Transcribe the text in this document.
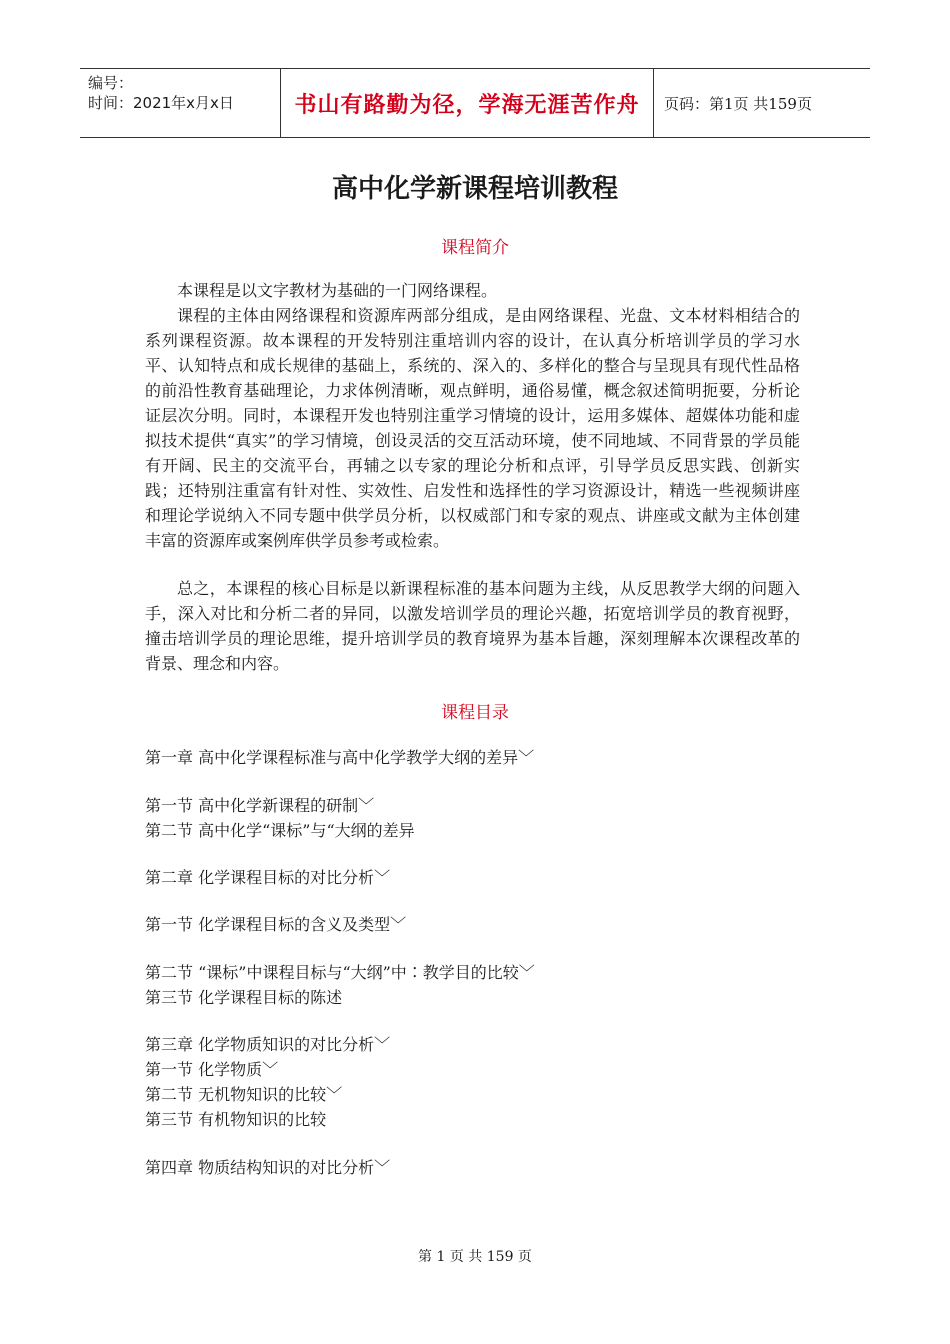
编号：
时间：2021年x月x日	书山有路勤为径，学海无涯苦作舟 页码：第1页 共159页
高中化学新课程培训教程
课程简介

本课程是以文字教材为基础的一门网络课程。

课程的主体由网络课程和资源库两部分组成，是由网络课程、光盘、文本材料相结合的系列课程资源。故本课程的开发特别注重培训内容的设计，在认真分析培训学员的学习水平、认知特点和成长规律的基础上，系统的、深入的、多样化的整合与呈现具有现代性品格的前沿性教育基础理论，力求体例清晰，观点鲜明，通俗易懂，概念叙述简明扼要，分析论证层次分明。同时，本课程开发也特别注重学习情境的设计，运用多媒体、超媒体功能和虚拟技术提供“真实”的学习情境，创设灵活的交互活动环境，使不同地域、不同背景的学员能有开阔、民主的交流平台，再辅之以专家的理论分析和点评，引导学员反思实践、创新实践；还特别注重富有针对性、实效性、启发性和选择性的学习资源设计，精选一些视频讲座和理论学说纳入不同专题中供学员分析，以权威部门和专家的观点、讲座或文献为主体创建丰富的资源库或案例库供学员参考或检索。

总之，本课程的核心目标是以新课程标准的基本问题为主线，从反思教学大纲的问题入手，深入对比和分析二者的异同，以激发培训学员的理论兴趣，拓宽培训学员的教育视野，撞击培训学员的理论思维，提升培训学员的教育境界为基本旨趣，深刻理解本次课程改革的背景、理念和内容。

课程目录
第一章 高中化学课程标准与高中化学教学大纲的差异﹀
第一节 高中化学新课程的研制﹀
第二节 高中化学“课标”与“大纲的差异
第二章 化学课程目标的对比分析﹀
第一节 化学课程目标的含义及类型﹀
第二节 “课标”中课程目标与“大纲”中∶教学目的比较﹀
第三节 化学课程目标的陈述
第三章 化学物质知识的对比分析﹀
第一节 化学物质﹀
第二节 无机物知识的比较﹀
第三节 有机物知识的比较
第四章 物质结构知识的对比分析﹀
第 1 页 共 159 页
